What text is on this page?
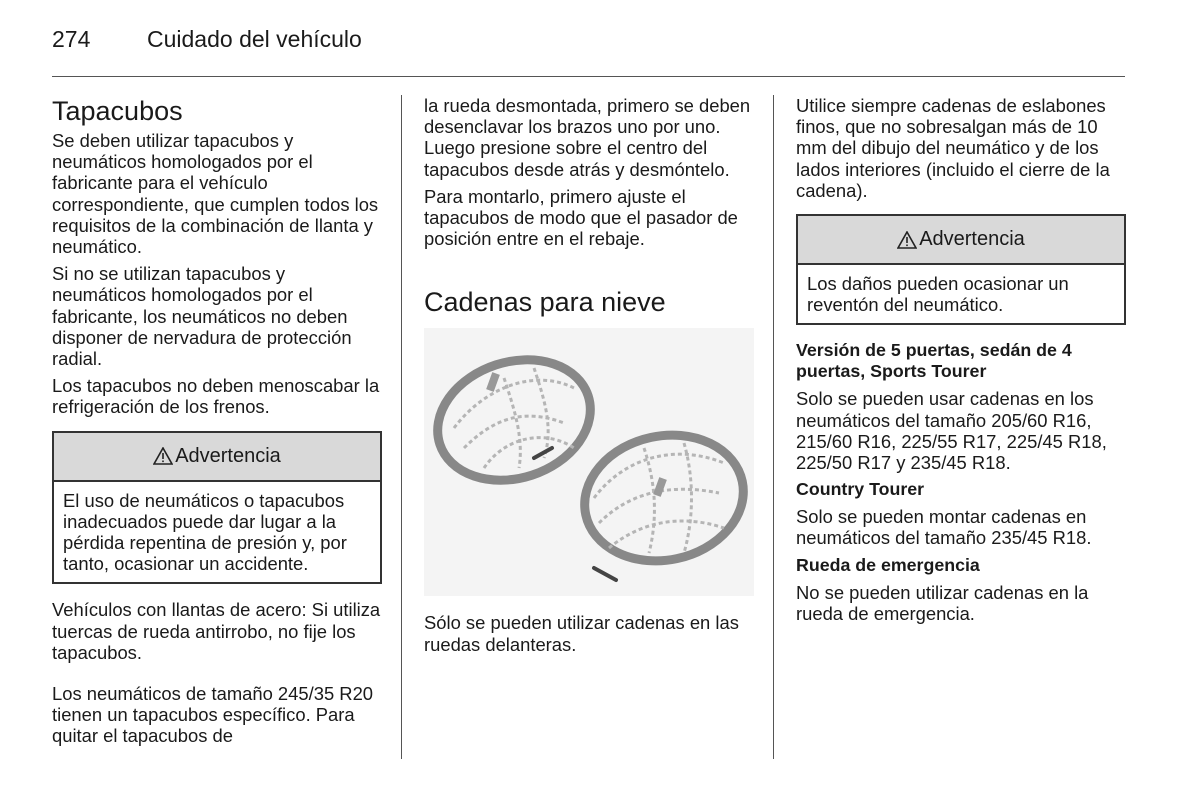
274	Cuidado del vehículo
Tapacubos

Se deben utilizar tapacubos y neumáticos homologados por el fabricante para el vehículo correspondiente, que cumplen todos los requisitos de la combinación de llanta y neumático.

Si no se utilizan tapacubos y neumáticos homologados por el fabricante, los neumáticos no deben disponer de nervadura de protección radial.

Los tapacubos no deben menoscabar la refrigeración de los frenos.

Advertencia
El uso de neumáticos o tapacubos inadecuados puede dar lugar a la pérdida repentina de presión y, por tanto, ocasionar un accidente.

Vehículos con llantas de acero: Si utiliza tuercas de rueda antirrobo, no fije los tapacubos.

Los neumáticos de tamaño 245/35 R20 tienen un tapacubos específico. Para quitar el tapacubos de

la rueda desmontada, primero se deben desenclavar los brazos uno por uno. Luego presione sobre el centro del tapacubos desde atrás y desmóntelo.

Para montarlo, primero ajuste el tapacubos de modo que el pasador de posición entre en el rebaje.

Cadenas para nieve

Sólo se pueden utilizar cadenas en las ruedas delanteras.

Utilice siempre cadenas de eslabones finos, que no sobresalgan más de 10 mm del dibujo del neumático y de los lados interiores (incluido el cierre de la cadena).

Advertencia
Los daños pueden ocasionar un reventón del neumático.

Versión de 5 puertas, sedán de 4 puertas, Sports Tourer

Solo se pueden usar cadenas en los neumáticos del tamaño 205/60 R16, 215/60 R16, 225/55 R17, 225/45 R18, 225/50 R17 y 235/45 R18.

Country Tourer

Solo se pueden montar cadenas en neumáticos del tamaño 235/45 R18.

Rueda de emergencia

No se pueden utilizar cadenas en la rueda de emergencia.
